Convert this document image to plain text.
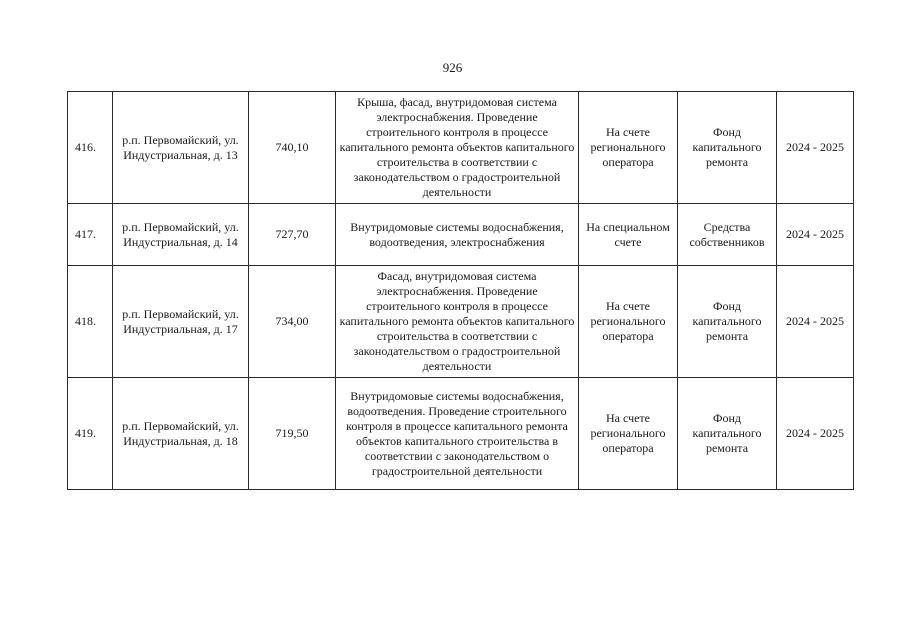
926
416.	р.п. Первомайский, ул. Индустриальная, д. 13	740,10	Крыша, фасад, внутридомовая система электроснабжения. Проведение строительного контроля в процессе капитального ремонта объектов капитального строительства в соответствии с законодательством о градостроительной деятельности	На счете регионального оператора	Фонд капитального ремонта	2024 - 2025
417.	р.п. Первомайский, ул. Индустриальная, д. 14	727,70	Внутридомовые системы водоснабжения, водоотведения, электроснабжения	На специальном счете	Средства собственников	2024 - 2025
418.	р.п. Первомайский, ул. Индустриальная, д. 17	734,00	Фасад, внутридомовая система электроснабжения. Проведение строительного контроля в процессе капитального ремонта объектов капитального строительства в соответствии с законодательством о градостроительной деятельности	На счете регионального оператора	Фонд капитального ремонта	2024 - 2025
419.	р.п. Первомайский, ул. Индустриальная, д. 18	719,50	Внутридомовые системы водоснабжения, водоотведения. Проведение строительного контроля в процессе капитального ремонта объектов капитального строительства в соответствии с законодательством о градостроительной деятельности	На счете регионального оператора	Фонд капитального ремонта	2024 - 2025
